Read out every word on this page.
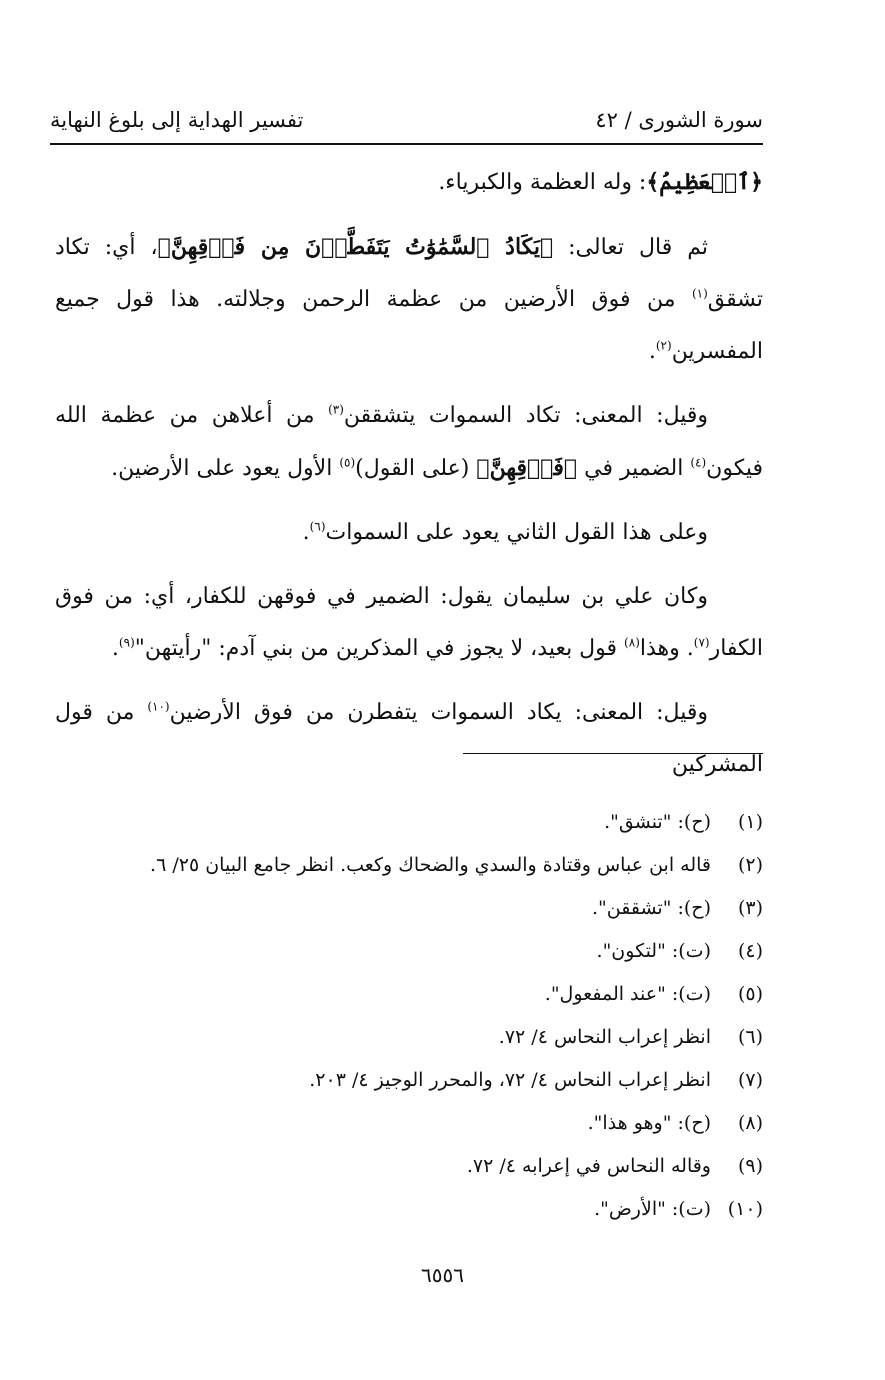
تفسير الهداية إلى بلوغ النهاية	سورة الشورى / ٤٢

﴿ٱلۡعَظِيمُ﴾: وله العظمة والكبرياء.

ثم قال تعالى: ﴿يَكَادُ ٱلسَّمَٰوَٰتُ يَتَفَطَّرۡنَ مِن فَوۡقِهِنَّ﴾، أي: تكاد تشقق$^{(١)}$ من فوق الأرضين من عظمة الرحمن وجلالته. هذا قول جميع المفسرين$^{(٢)}$.

وقيل: المعنى: تكاد السموات يتشققن$^{(٣)}$ من أعلاهن من عظمة الله فيكون$^{(٤)}$ الضمير في ﴿فَوۡقِهِنَّ﴾ (على القول)$^{(٥)}$ الأول يعود على الأرضين.

وعلى هذا القول الثاني يعود على السموات$^{(٦)}$.

وكان علي بن سليمان يقول: الضمير في فوقهن للكفار، أي: من فوق الكفار$^{(٧)}$. وهذا$^{(٨)}$ قول بعيد، لا يجوز في المذكرين من بني آدم: "رأيتهن"$^{(٩)}$.

وقيل: المعنى: يكاد السموات يتفطرن من فوق الأرضين$^{(١٠)}$ من قول المشركين

(١)
(ح): "تنشق".
(٢)
قاله ابن عباس وقتادة والسدي والضحاك وكعب. انظر جامع البيان ٢٥/ ٦.
(٣)
(ح): "تشققن".
(٤)
(ت): "لتكون".
(٥)
(ت): "عند المفعول".
(٦)
انظر إعراب النحاس ٤/ ٧٢.
(٧)
انظر إعراب النحاس ٤/ ٧٢، والمحرر الوجيز ٤/ ٢٠٣.
(٨)
(ح): "وهو هذا".
(٩)
وقاله النحاس في إعرابه ٤/ ٧٢.
(١٠)
(ت): "الأرض".
٦٥٥٦
